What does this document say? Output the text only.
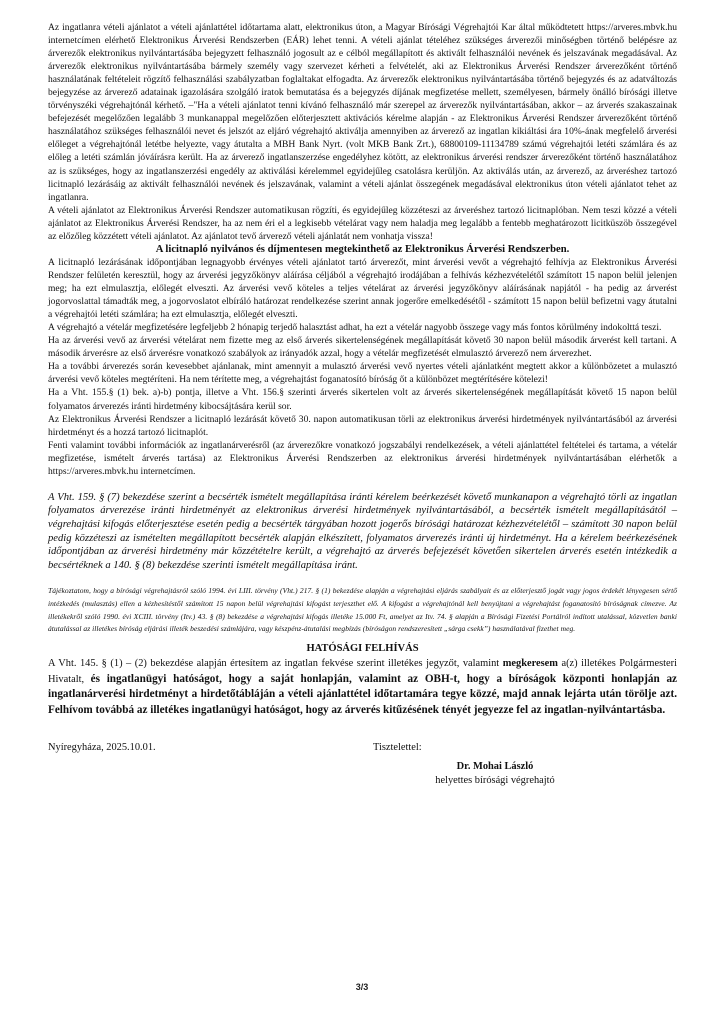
Az ingatlanra vételi ajánlatot a vételi ajánlattétel időtartama alatt, elektronikus úton, a Magyar Bírósági Végrehajtói Kar által működtetett https://arveres.mbvk.hu internetcímen elérhető Elektronikus Árverési Rendszerben (EÁR) lehet tenni. A vételi ajánlat tételéhez szükséges árverezői minőségben történő belépésre az árverezők elektronikus nyilvántartásába bejegyzett felhasználó jogosult az e célból megállapított és aktivált felhasználói nevének és jelszavának megadásával. Az árverezők elektronikus nyilvántartásába bármely személy vagy szervezet kérheti a felvételét, aki az Elektronikus Árverési Rendszer árverezőként történő használatának feltételeit rögzítő felhasználási szabályzatban foglaltakat elfogadta. Az árverezők elektronikus nyilvántartásába történő bejegyzés és az adatváltozás bejegyzése az árverező adatainak igazolására szolgáló iratok bemutatása és a bejegyzés díjának megfizetése mellett, személyesen, bármely önálló bírósági illetve törvényszéki végrehajtónál kérhető. –"Ha a vételi ajánlatot tenni kívánó felhasználó már szerepel az árverezők nyilvántartásában, akkor – az árverés szakaszainak befejezését megelőzően legalább 3 munkanappal megelőzően előterjesztett aktivációs kérelme alapján - az Elektronikus Árverési Rendszer árverezőként történő használatához szükséges felhasználói nevet és jelszót az eljáró végrehajtó aktiválja amennyiben az árverező az ingatlan kikiáltási ára 10%-ának megfelelő árverési előleget a végrehajtónál letétbe helyezte, vagy átutalta a MBH Bank Nyrt. (volt MKB Bank Zrt.), 68800109-11134789 számú végrehajtói letéti számlára és az előleg a letéti számlán jóváírásra került. Ha az árverező ingatlanszerzése engedélyhez kötött, az elektronikus árverési rendszer árverezőként történő használatához az is szükséges, hogy az ingatlanszerzési engedély az aktiválási kérelemmel egyidejűleg csatolásra kerüljön. Az aktiválás után, az árverező, az árveréshez tartozó licitnapló lezárásáig az aktivált felhasználói nevének és jelszavának, valamint a vételi ajánlat összegének megadásával elektronikus úton vételi ajánlatot tehet az ingatlanra.

A vételi ajánlatot az Elektronikus Árverési Rendszer automatikusan rögzíti, és egyidejűleg közzéteszi az árveréshez tartozó licitnaplóban. Nem teszi közzé a vételi ajánlatot az Elektronikus Árverési Rendszer, ha az nem éri el a legkisebb vételárat vagy nem haladja meg legalább a fentebb meghatározott licitküszöb összegével az előzőleg közzétett vételi ajánlatot. Az ajánlatot tevő árverező vételi ajánlatát nem vonhatja vissza!

A licitnapló nyilvános és díjmentesen megtekinthető az Elektronikus Árverési Rendszerben.

A licitnapló lezárásának időpontjában legnagyobb érvényes vételi ajánlatot tartó árverezőt, mint árverési vevőt a végrehajtó felhívja az Elektronikus Árverési Rendszer felületén keresztül, hogy az árverési jegyzőkönyv aláírása céljából a végrehajtó irodájában a felhívás kézhezvételétől számított 15 napon belül jelenjen meg; ha ezt elmulasztja, előlegét elveszti. Az árverési vevő köteles a teljes vételárat az árverési jegyzőkönyv aláírásának napjától - ha pedig az árverést jogorvoslattal támadták meg, a jogorvoslatot elbíráló határozat rendelkezése szerint annak jogerőre emelkedésétől - számított 15 napon belül befizetni vagy átutalni a végrehajtói letéti számlára; ha ezt elmulasztja, előlegét elveszti.

A végrehajtó a vételár megfizetésére legfeljebb 2 hónapig terjedő halasztást adhat, ha ezt a vételár nagyobb összege vagy más fontos körülmény indokolttá teszi.

Ha az árverési vevő az árverési vételárat nem fizette meg az első árverés sikertelenségének megállapítását követő 30 napon belül második árverést kell tartani. A második árverésre az első árverésre vonatkozó szabályok az irányadók azzal, hogy a vételár megfizetését elmulasztó árverező nem árverezhet.

Ha a további árverezés során kevesebbet ajánlanak, mint amennyit a mulasztó árverési vevő nyertes vételi ajánlatként megtett akkor a különbözetet a mulasztó árverési vevő köteles megtéríteni. Ha nem térítette meg, a végrehajtást foganatosító bíróság őt a különbözet megtérítésére kötelezi!

Ha a Vht. 155.§ (1) bek. a)-b) pontja, illetve a Vht. 156.§ szerinti árverés sikertelen volt az árverés sikertelenségének megállapítását követő 15 napon belül folyamatos árverezés iránti hirdetmény kibocsájtására kerül sor.

Az Elektronikus Árverési Rendszer a licitnapló lezárását követő 30. napon automatikusan törli az elektronikus árverési hirdetmények nyilvántartásából az árverési hirdetményt és a hozzá tartozó licitnaplót.

Fenti valamint további információk az ingatlanárverésről (az árverezőkre vonatkozó jogszabályi rendelkezések, a vételi ajánlattétel feltételei és tartama, a vételár megfizetése, ismételt árverés tartása) az Elektronikus Árverési Rendszerben az elektronikus árverési hirdetmények nyilvántartásában elérhetők a https://arveres.mbvk.hu internetcímen.

A Vht. 159. § (7) bekezdése szerint a becsérték ismételt megállapítása iránti kérelem beérkezését követő munkanapon a végrehajtó törli az ingatlan folyamatos árverezése iránti hirdetményét az elektronikus árverési hirdetmények nyilvántartásából, a becsérték ismételt megállapításától – végrehajtási kifogás előterjesztése esetén pedig a becsérték tárgyában hozott jogerős bírósági határozat kézhezvételétől – számított 30 napon belül pedig közzéteszi az ismételten megállapított becsérték alapján elkészített, folyamatos árverezés iránti új hirdetményt. Ha a kérelem beérkezésének időpontjában az árverési hirdetmény már közzétételre került, a végrehajtó az árverés befejezését követően sikertelen árverés esetén intézkedik a becsértéknek a 140. § (8) bekezdése szerinti ismételt megállapítása iránt.

Tájékoztatom, hogy a bírósági végrehajtásról szóló 1994. évi LIII. törvény (Vht.) 217. § (1) bekezdése alapján a végrehajtási eljárás szabályait és az előterjesztő jogát vagy jogos érdekét lényegesen sértő intézkedés (mulasztás) ellen a kézhesítéstől számított 15 napon belül végrehajtási kifogást terjeszthet elő. A kifogást a végrehajtónál kell benyújtani a végrehajtást foganatosító bíróságnak címezve. Az illetékekről szóló 1990. évi XCIII. törvény (Itv.) 43. § (8) bekezdése a végrehajtási kifogás illetéke 15.000 Ft, amelyet az Itv. 74. § alapján a Bírósági Fizetési Portálról indított utalással, közvetlen banki átutalással az illetékes bíróság eljárási illeték beszedési számlájára, vagy készpénz-átutalási megbízás (bíróságon rendszeresített „sárga csekk”) használatával fizethet meg.

HATÓSÁGI FELHÍVÁS

A Vht. 145. § (1) – (2) bekezdése alapján értesítem az ingatlan fekvése szerint illetékes jegyzőt, valamint megkeresem a(z) illetékes Polgármesteri Hivatalt, és ingatlanügyi hatóságot, hogy a saját honlapján, valamint az OBH-t, hogy a bíróságok központi honlapján az ingatlanárverési hirdetményt a hirdetőtábláján a vételi ajánlattétel időtartamára tegye közzé, majd annak lejárta után törölje azt. Felhívom továbbá az illetékes ingatlanügyi hatóságot, hogy az árverés kitűzésének tényét jegyezze fel az ingatlan-nyilvántartásba.

Nyíregyháza, 2025.10.01.	Tisztelettel:
Dr. Mohai László
helyettes bírósági végrehajtó
3/3
